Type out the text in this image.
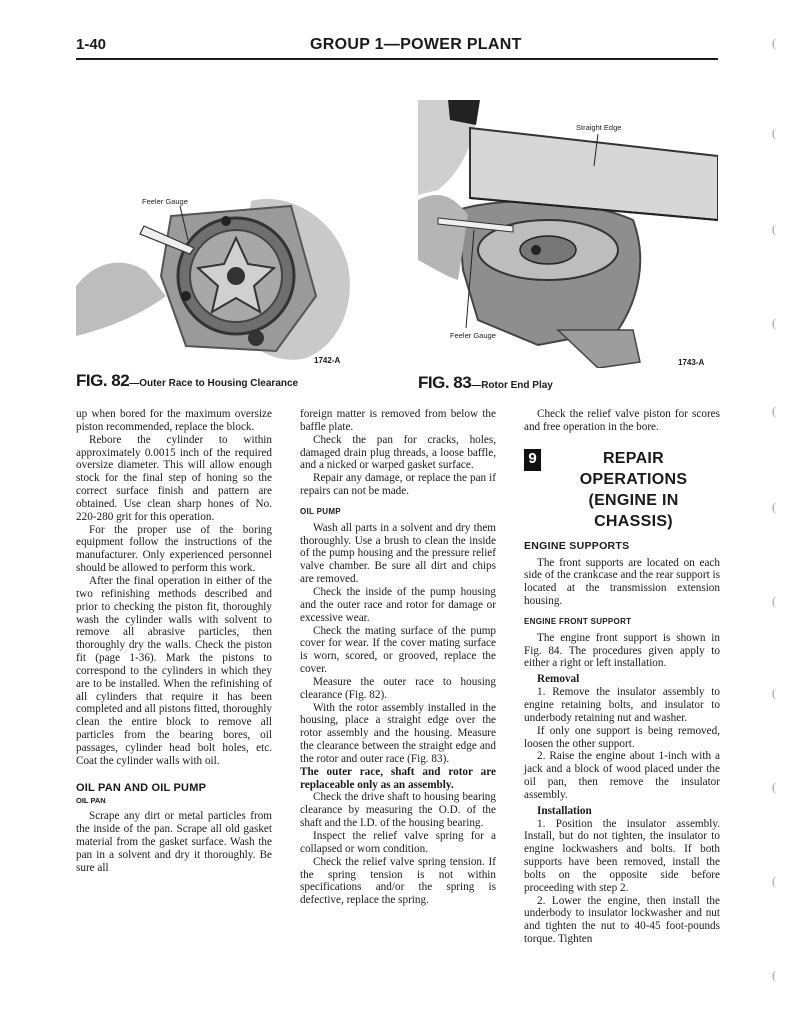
1-40	GROUP 1—POWER PLANT	(
(
(
(
(
(
(
(
(
(
(
Feeler Gauge
1742-A
FIG. 82—Outer Race to Housing Clearance
Straight Edge
Feeler Gauge
1743-A
FIG. 83—Rotor End Play

up when bored for the maximum oversize piston recommended, replace the block.

Rebore the cylinder to within approximately 0.0015 inch of the required oversize diameter. This will allow enough stock for the final step of honing so the correct surface finish and pattern are obtained. Use clean sharp hones of No. 220-280 grit for this operation.

For the proper use of the boring equipment follow the instructions of the manufacturer. Only experienced personnel should be allowed to perform this work.

After the final operation in either of the two refinishing methods described and prior to checking the piston fit, thoroughly wash the cylinder walls with solvent to remove all abrasive particles, then thoroughly dry the walls. Check the piston fit (page 1-36). Mark the pistons to correspond to the cylinders in which they are to be installed. When the refinishing of all cylinders that require it has been completed and all pistons fitted, thoroughly clean the entire block to remove all particles from the bearing bores, oil passages, cylinder head bolt holes, etc. Coat the cylinder walls with oil.

OIL PAN AND OIL PUMP
OIL PAN

Scrape any dirt or metal particles from the inside of the pan. Scrape all old gasket material from the gasket surface. Wash the pan in a solvent and dry it thoroughly. Be sure all

foreign matter is removed from below the baffle plate.

Check the pan for cracks, holes, damaged drain plug threads, a loose baffle, and a nicked or warped gasket surface.

Repair any damage, or replace the pan if repairs can not be made.

OIL PUMP

Wash all parts in a solvent and dry them thoroughly. Use a brush to clean the inside of the pump housing and the pressure relief valve chamber. Be sure all dirt and chips are removed.

Check the inside of the pump housing and the outer race and rotor for damage or excessive wear.

Check the mating surface of the pump cover for wear. If the cover mating surface is worn, scored, or grooved, replace the cover.

Measure the outer race to housing clearance (Fig. 82).

With the rotor assembly installed in the housing, place a straight edge over the rotor assembly and the housing. Measure the clearance between the straight edge and the rotor and outer race (Fig. 83).

The outer race, shaft and rotor are replaceable only as an assembly.

Check the drive shaft to housing bearing clearance by measuring the O.D. of the shaft and the I.D. of the housing bearing.

Inspect the relief valve spring for a collapsed or worn condition.

Check the relief valve spring tension. If the spring tension is not within specifications and/or the spring is defective, replace the spring.

Check the relief valve piston for scores and free operation in the bore.

9	REPAIR OPERATIONS
(ENGINE IN CHASSIS)
ENGINE SUPPORTS

The front supports are located on each side of the crankcase and the rear support is located at the transmission extension housing.

ENGINE FRONT SUPPORT

The engine front support is shown in Fig. 84. The procedures given apply to either a right or left installation.

Removal

1. Remove the insulator assembly to engine retaining bolts, and insulator to underbody retaining nut and washer.

If only one support is being removed, loosen the other support.

2. Raise the engine about 1-inch with a jack and a block of wood placed under the oil pan, then remove the insulator assembly.

Installation

1. Position the insulator assembly. Install, but do not tighten, the insulator to engine lockwashers and bolts. If both supports have been removed, install the bolts on the opposite side before proceeding with step 2.

2. Lower the engine, then install the underbody to insulator lockwasher and nut and tighten the nut to 40-45 foot-pounds torque. Tighten
